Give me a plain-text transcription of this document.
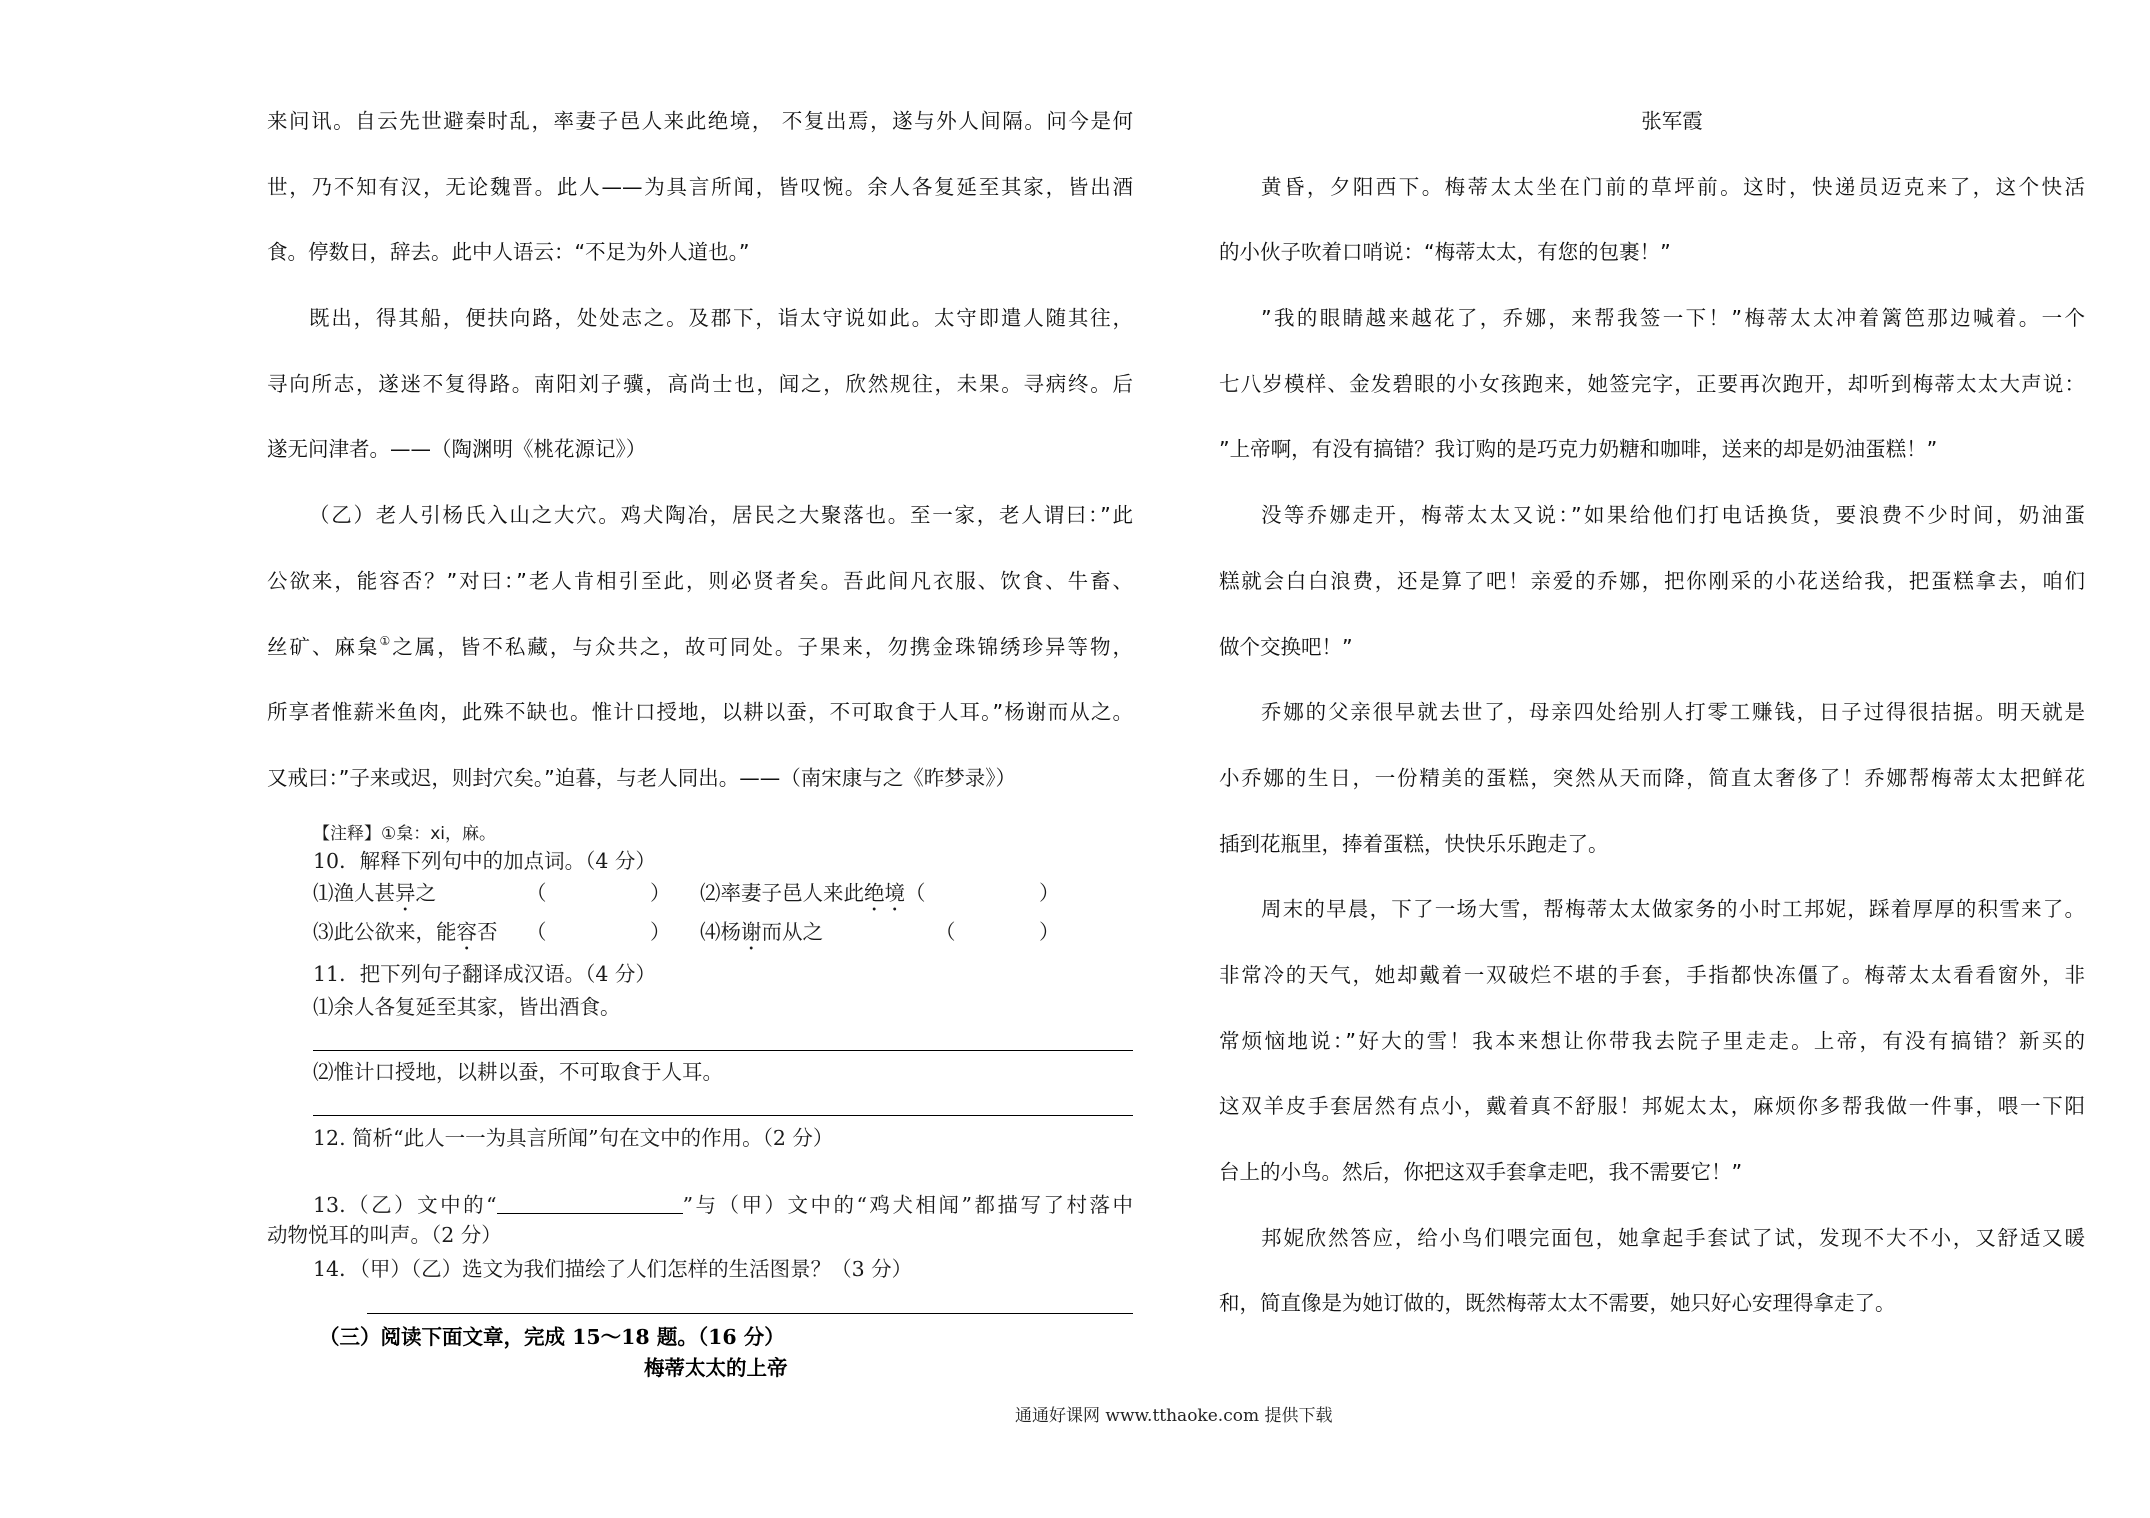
来问讯。自云先世避秦时乱，率妻子邑人来此绝境， 不复出焉，遂与外人间隔。问今是何
世，乃不知有汉，无论魏晋。此人——为具言所闻，皆叹惋。余人各复延至其家，皆出酒
食。停数日，辞去。此中人语云：“不足为外人道也。”
既出，得其船，便扶向路，处处志之。及郡下，诣太守说如此。太守即遣人随其往，
寻向所志，遂迷不复得路。南阳刘子骥，高尚士也，闻之，欣然规往，未果。寻病终。后
遂无问津者。——（陶渊明《桃花源记》）
（乙）老人引杨氏入山之大穴。鸡犬陶冶，居民之大聚落也。至一家，老人谓曰：”此
公欲来，能容否？”对曰：”老人肯相引至此，则必贤者矣。吾此间凡衣服、饮食、牛畜、
丝矿、麻枲①之属，皆不私藏，与众共之，故可同处。子果来，勿携金珠锦绣珍异等物，
所享者惟薪米鱼肉，此殊不缺也。惟计口授地，以耕以蚕，不可取食于人耳。”杨谢而从之。
又戒曰：”子来或迟，则封穴矣。”迫暮，与老人同出。——（南宋康与之《昨梦录》）
【注释】①枲：xi，麻。
10．解释下列句中的加点词。（4 分）
⑴渔人甚异之	（	） ⑵率妻子邑人来此绝境 （	）
⑶此公欲来，能容否 （	） ⑷杨谢而从之	（	）
11．把下列句子翻译成汉语。（4 分）
⑴余人各复延至其家，皆出酒食。
⑵惟计口授地，以耕以蚕，不可取食于人耳。
12. 简析“此人一一为具言所闻”句在文中的作用。（2 分）
13.（乙）文中的“	”与（甲）文中的“鸡犬相闻”都描写了村落中
动物悦耳的叫声。（2 分）
14．（甲）（乙）选文为我们描绘了人们怎样的生活图景？（3 分）
（三）阅读下面文章，完成 15～18 题。（16 分）
梅蒂太太的上帝
张军霞
黄昏，夕阳西下。梅蒂太太坐在门前的草坪前。这时，快递员迈克来了，这个快活
的小伙子吹着口哨说：“梅蒂太太，有您的包裹！”
”我的眼睛越来越花了，乔娜，来帮我签一下！”梅蒂太太冲着篱笆那边喊着。一个
七八岁模样、金发碧眼的小女孩跑来，她签完字，正要再次跑开，却听到梅蒂太太大声说：
”上帝啊，有没有搞错？我订购的是巧克力奶糖和咖啡，送来的却是奶油蛋糕！”
没等乔娜走开，梅蒂太太又说：”如果给他们打电话换货，要浪费不少时间，奶油蛋
糕就会白白浪费，还是算了吧！亲爱的乔娜，把你刚采的小花送给我，把蛋糕拿去，咱们
做个交换吧！”
乔娜的父亲很早就去世了，母亲四处给别人打零工赚钱，日子过得很拮据。明天就是
小乔娜的生日，一份精美的蛋糕，突然从天而降，简直太奢侈了！乔娜帮梅蒂太太把鲜花
插到花瓶里，捧着蛋糕，快快乐乐跑走了。
周末的早晨，下了一场大雪，帮梅蒂太太做家务的小时工邦妮，踩着厚厚的积雪来了。
非常冷的天气，她却戴着一双破烂不堪的手套，手指都快冻僵了。梅蒂太太看看窗外，非
常烦恼地说：”好大的雪！我本来想让你带我去院子里走走。上帝，有没有搞错？新买的
这双羊皮手套居然有点小，戴着真不舒服！邦妮太太，麻烦你多帮我做一件事，喂一下阳
台上的小鸟。然后，你把这双手套拿走吧，我不需要它！”
邦妮欣然答应，给小鸟们喂完面包，她拿起手套试了试，发现不大不小，又舒适又暖
和，简直像是为她订做的，既然梅蒂太太不需要，她只好心安理得拿走了。
通通好课网 www.tthaoke.com 提供下载
